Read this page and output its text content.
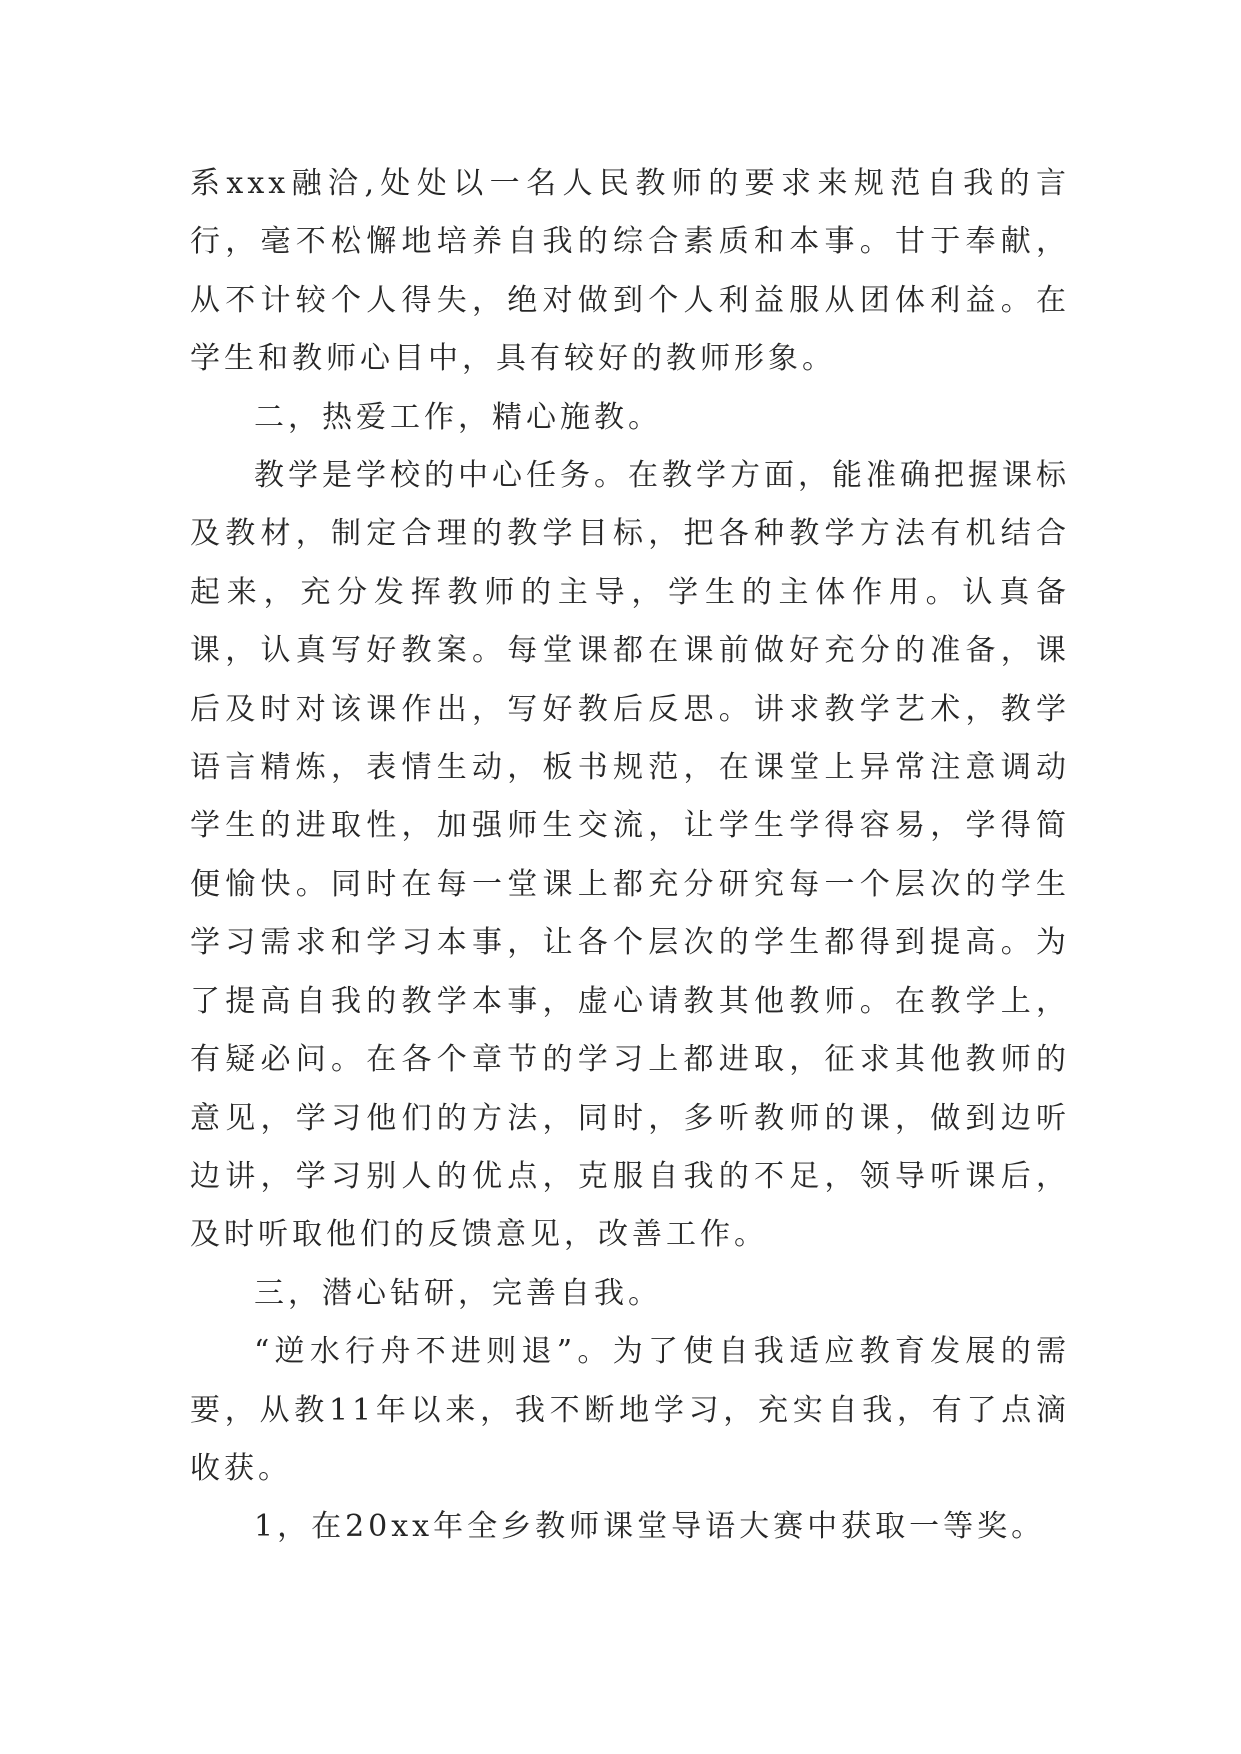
系xxx融洽,处处以一名人民教师的要求来规范自我的言行，毫不松懈地培养自我的综合素质和本事。甘于奉献，从不计较个人得失，绝对做到个人利益服从团体利益。在学生和教师心目中，具有较好的教师形象。

二，热爱工作，精心施教。

教学是学校的中心任务。在教学方面，能准确把握课标及教材，制定合理的教学目标，把各种教学方法有机结合起来，充分发挥教师的主导，学生的主体作用。认真备课，认真写好教案。每堂课都在课前做好充分的准备，课后及时对该课作出，写好教后反思。讲求教学艺术，教学语言精炼，表情生动，板书规范，在课堂上异常注意调动学生的进取性，加强师生交流，让学生学得容易，学得简便愉快。同时在每一堂课上都充分研究每一个层次的学生学习需求和学习本事，让各个层次的学生都得到提高。为了提高自我的教学本事，虚心请教其他教师。在教学上，有疑必问。在各个章节的学习上都进取，征求其他教师的意见，学习他们的方法，同时，多听教师的课，做到边听边讲，学习别人的优点，克服自我的不足，领导听课后，及时听取他们的反馈意见，改善工作。

三，潜心钻研，完善自我。

“逆水行舟不进则退”。为了使自我适应教育发展的需要，从教11年以来，我不断地学习，充实自我，有了点滴收获。

1，在20xx年全乡教师课堂导语大赛中获取一等奖。
